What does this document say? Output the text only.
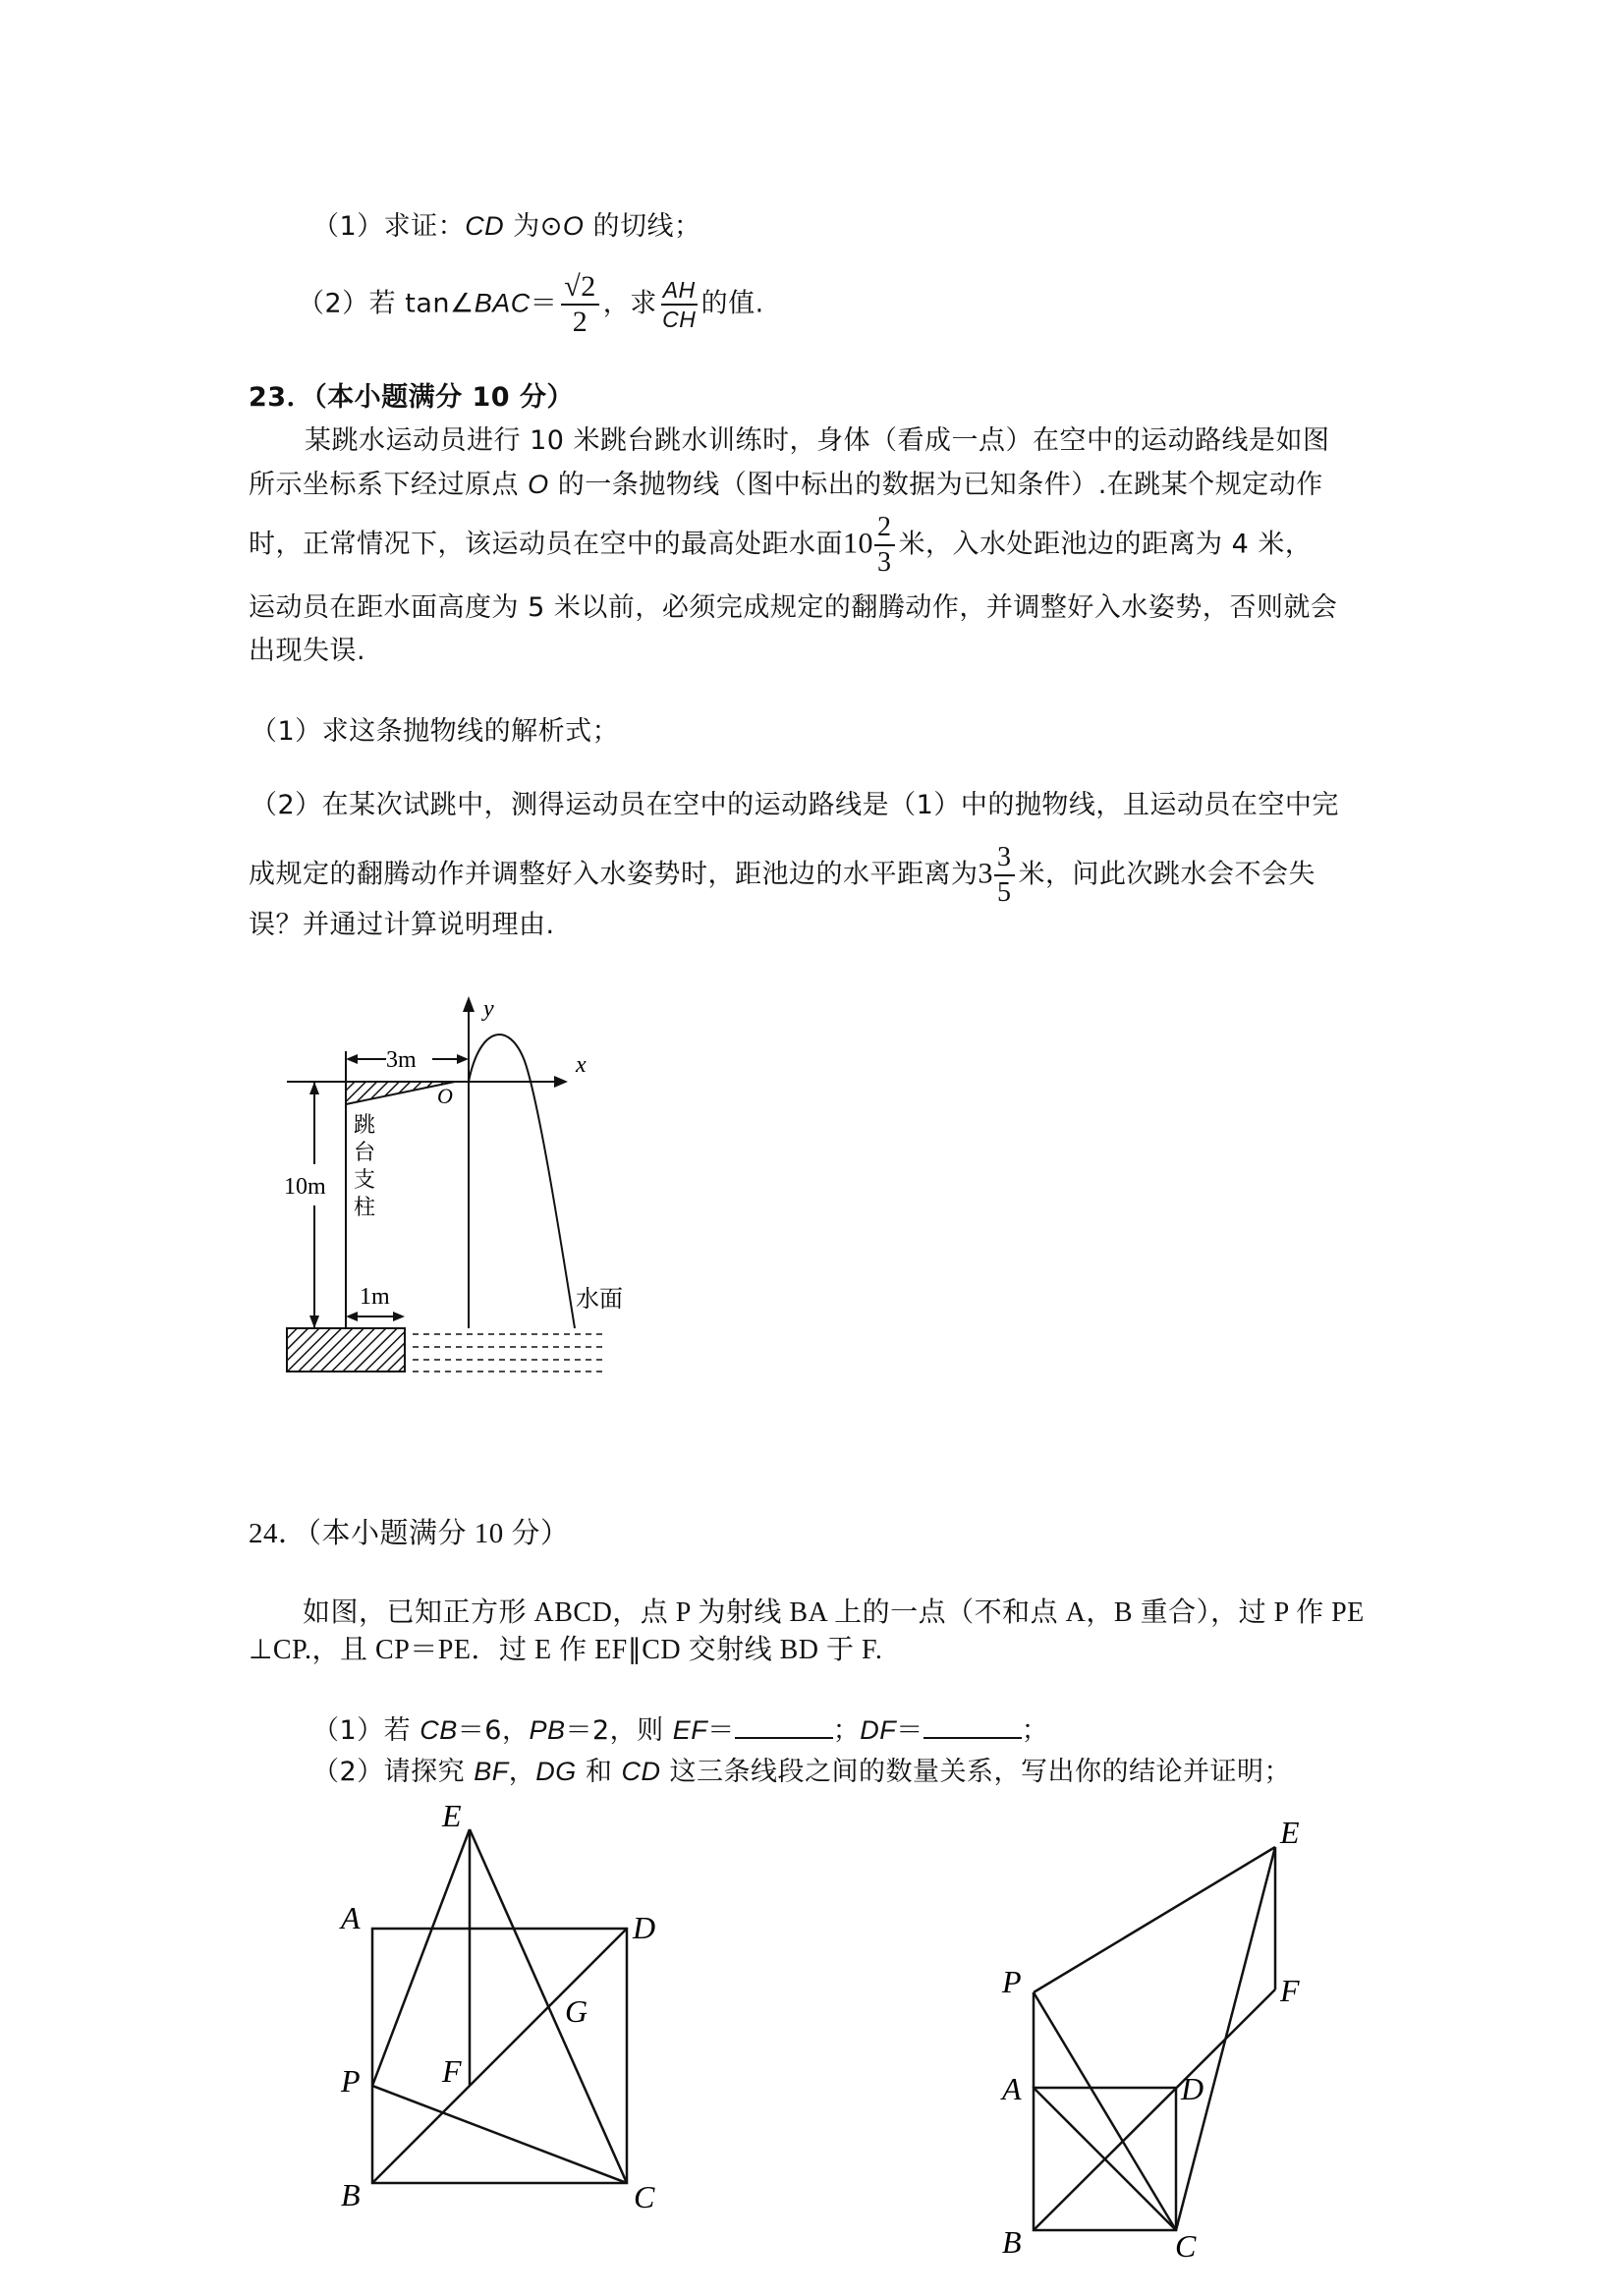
（1）求证：CD 为⊙O 的切线；
（2）若 tan∠BAC＝ $\frac{√2}{2}$ ，求 $\frac{AH}{CH}$ 的值.
23．（本小题满分 10 分）
某跳水运动员进行 10 米跳台跳水训练时，身体（看成一点）在空中的运动路线是如图
所示坐标系下经过原点 O 的一条抛物线（图中标出的数据为已知条件）.在跳某个规定动作
时，正常情况下，该运动员在空中的最高处距水面$10 \frac{2}{3}$ 米，入水处距池边的距离为 4 米，
运动员在距水面高度为 5 米以前，必须完成规定的翻腾动作，并调整好入水姿势，否则就会
出现失误.
（1）求这条抛物线的解析式；
（2）在某次试跳中，测得运动员在空中的运动路线是（1）中的抛物线，且运动员在空中完
成规定的翻腾动作并调整好入水姿势时，距池边的水平距离为$3 \frac{3}{5}$ 米，问此次跳水会不会失
误？并通过计算说明理由.
y
x
O
3m
跳
台
支
柱
10m
1m	水面
24．（本小题满分 10 分）
如图，已知正方形 ABCD，点 P 为射线 BA 上的一点（不和点 A，B 重合），过 P 作 PE
⊥CP.，且 CP＝PE．过 E 作 EF∥CD 交射线 BD 于 F.
（1）若 CB＝6，PB＝2，则 EF＝	；DF＝	；
（2）请探究 BF，DG 和 CD 这三条线段之间的数量关系，写出你的结论并证明；
E
A	D
G
P	F
B	C
E
P	F
A	D
B	C
